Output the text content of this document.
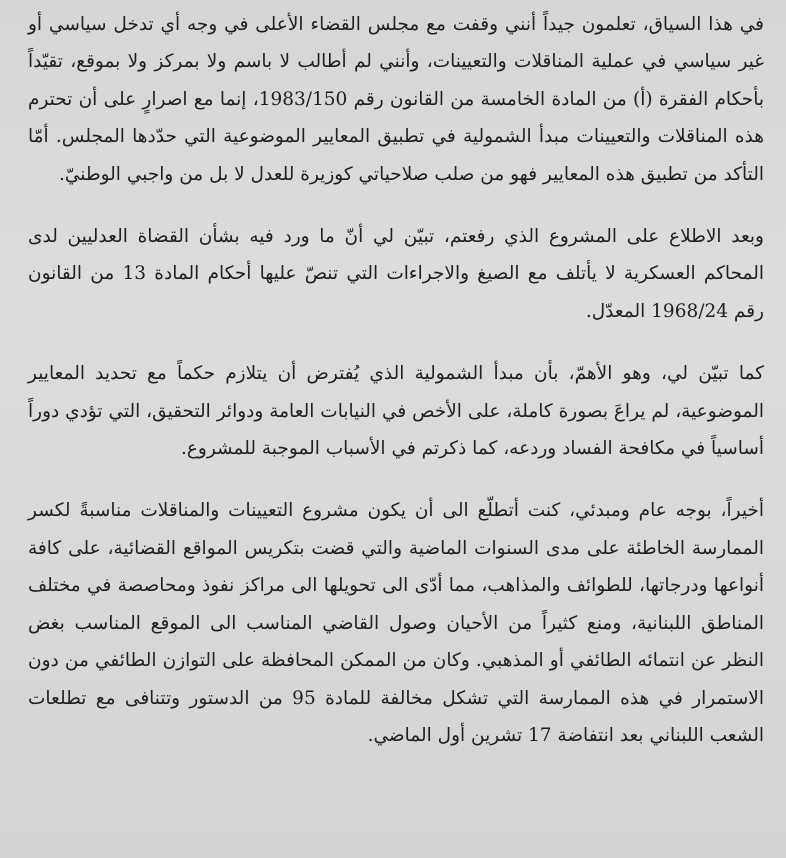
في هذا السياق، تعلمون جيداً أنني وقفت مع مجلس القضاء الأعلى في وجه أي تدخل سياسي أو غير سياسي في عملية المناقلات والتعيينات، وأنني لم أطالب لا باسم ولا بمركز ولا بموقع، تقيّداً بأحكام الفقرة (أ) من المادة الخامسة من القانون رقم 1983/150، إنما مع اصرارٍ على أن تحترم هذه المناقلات والتعيينات مبدأ الشمولية في تطبيق المعايير الموضوعية التي حدّدها المجلس. أمّا التأكد من تطبيق هذه المعايير فهو من صلب صلاحياتي كوزيرة للعدل لا بل من واجبي الوطنيّ.

وبعد الاطلاع على المشروع الذي رفعتم، تبيّن لي أنّ ما ورد فيه بشأن القضاة العدليين لدى المحاكم العسكرية لا يأتلف مع الصيغ والاجراءات التي تنصّ عليها أحكام المادة 13 من القانون رقم 1968/24 المعدّل.

كما تبيّن لي، وهو الأهمّ، بأن مبدأ الشمولية الذي يُفترض أن يتلازم حكماً مع تحديد المعايير الموضوعية، لم يراعَ بصورة كاملة، على الأخص في النيابات العامة ودوائر التحقيق، التي تؤدي دوراً أساسياً في مكافحة الفساد وردعه، كما ذكرتم في الأسباب الموجبة للمشروع.

أخيراً، بوجه عام ومبدئي، كنت أتطلّع الى أن يكون مشروع التعيينات والمناقلات مناسبةً لكسر الممارسة الخاطئة على مدى السنوات الماضية والتي قضت بتكريس المواقع القضائية، على كافة أنواعها ودرجاتها، للطوائف والمذاهب، مما أدّى الى تحويلها الى مراكز نفوذ ومحاصصة في مختلف المناطق اللبنانية، ومنع كثيراً من الأحيان وصول القاضي المناسب الى الموقع المناسب بغض النظر عن انتمائه الطائفي أو المذهبي. وكان من الممكن المحافظة على التوازن الطائفي من دون الاستمرار في هذه الممارسة التي تشكل مخالفة للمادة 95 من الدستور وتتنافى مع تطلعات الشعب اللبناني بعد انتفاضة 17 تشرين أول الماضي.
